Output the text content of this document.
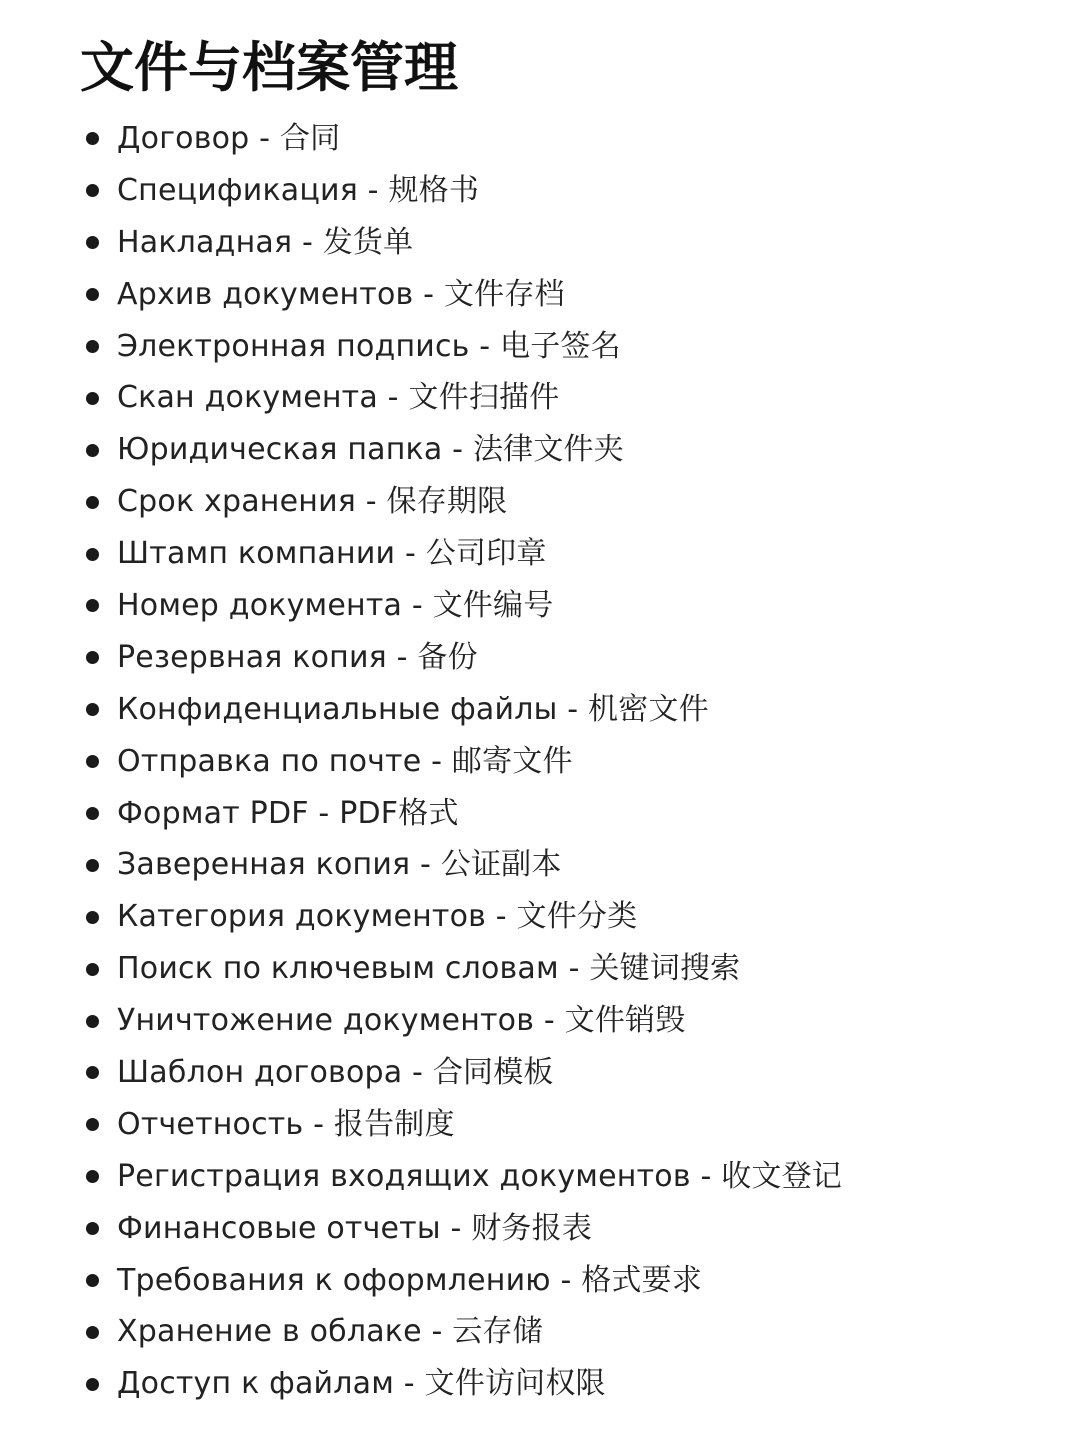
文件与档案管理
Договор - 合同
Спецификация - 规格书
Накладная - 发货单
Архив документов - 文件存档
Электронная подпись - 电子签名
Скан документа - 文件扫描件
Юридическая папка - 法律文件夹
Срок хранения - 保存期限
Штамп компании - 公司印章
Номер документа - 文件编号
Резервная копия - 备份
Конфиденциальные файлы - 机密文件
Отправка по почте - 邮寄文件
Формат PDF - PDF格式
Заверенная копия - 公证副本
Категория документов - 文件分类
Поиск по ключевым словам - 关键词搜索
Уничтожение документов - 文件销毁
Шаблон договора - 合同模板
Отчетность - 报告制度
Регистрация входящих документов - 收文登记
Финансовые отчеты - 财务报表
Требования к оформлению - 格式要求
Хранение в облаке - 云存储
Доступ к файлам - 文件访问权限
